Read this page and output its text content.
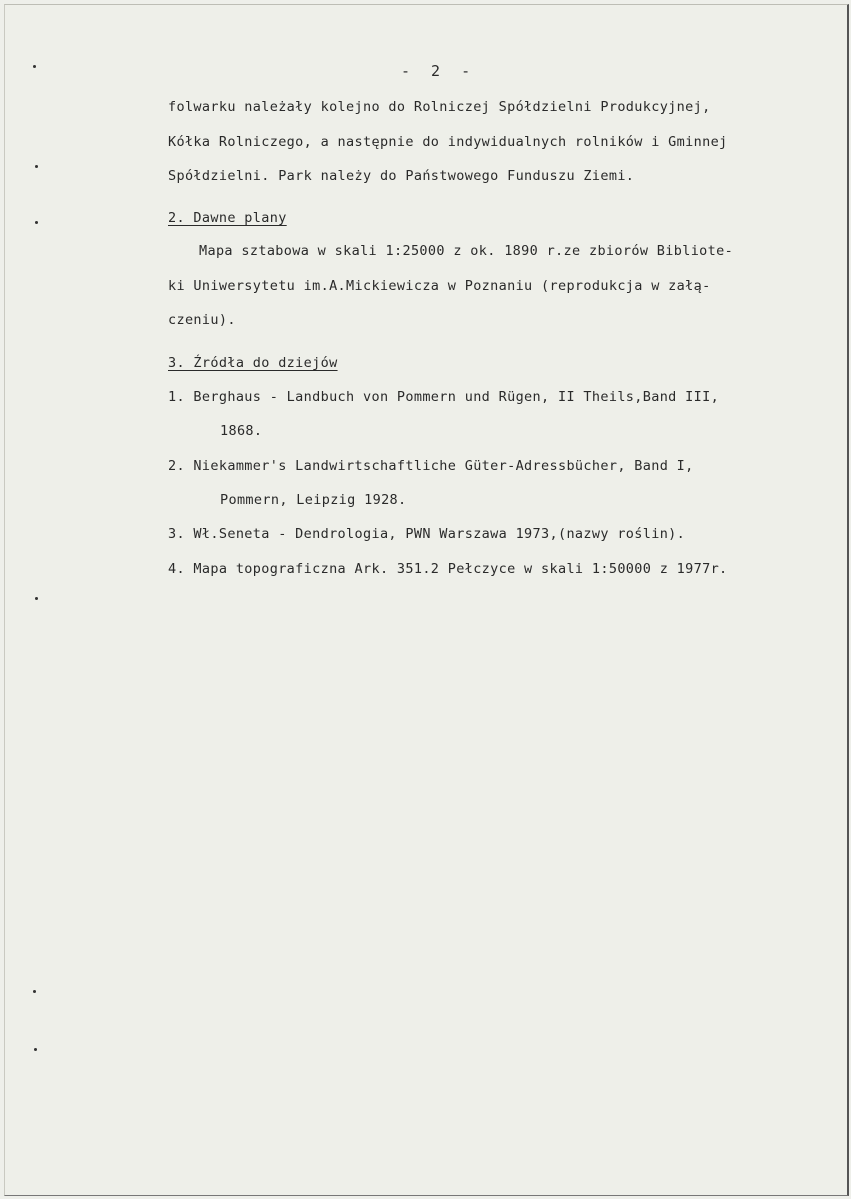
- 2 -
folwarku należały kolejno do Rolniczej Spółdzielni Produkcyjnej,
Kółka Rolniczego, a następnie do indywidualnych rolników i Gminnej
Spółdzielni. Park należy do Państwowego Funduszu Ziemi.
2. Dawne plany
Mapa sztabowa w skali 1:25000 z ok. 1890 r.ze zbiorów Bibliote-
ki Uniwersytetu im.A.Mickiewicza w Poznaniu (reprodukcja w załą-
czeniu).
3. Źródła do dziejów
1. Berghaus - Landbuch von Pommern und Rügen, II Theils,Band III,
1868.
2. Niekammer's Landwirtschaftliche Güter-Adressbücher, Band I,
Pommern, Leipzig 1928.
3. Wł.Seneta - Dendrologia, PWN Warszawa 1973,(nazwy roślin).
4. Mapa topograficzna Ark. 351.2 Pełczyce w skali 1:50000 z 1977r.
